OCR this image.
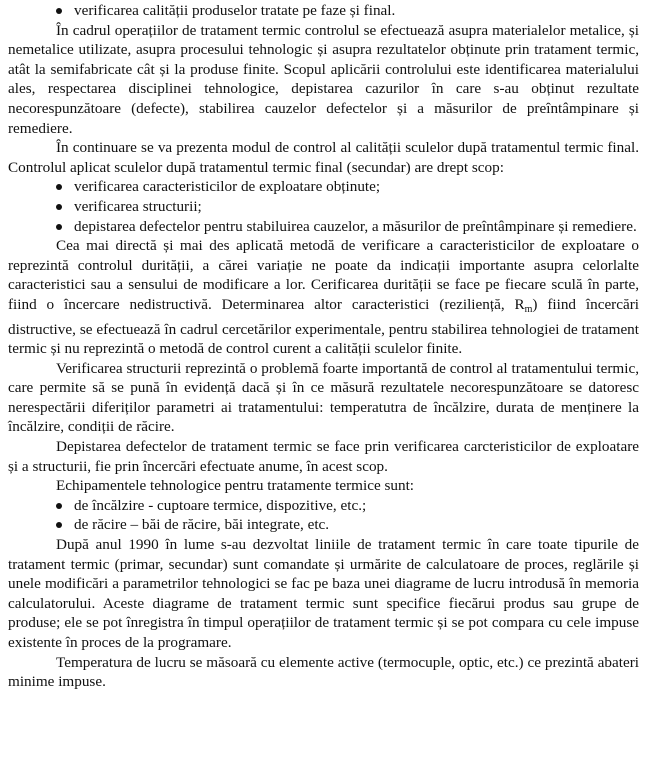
verificarea calității produselor tratate pe faze și final.

În cadrul operațiilor de tratament termic controlul se efectuează asupra materialelor metalice, și nemetalice utilizate, asupra procesului tehnologic și asupra rezultatelor obținute prin tratament termic, atât la semifabricate cât și la produse finite. Scopul aplicării controlului este identificarea materialului ales, respectarea disciplinei tehnologice, depistarea cazurilor în care s-au obținut rezultate necorespunzătoare (defecte), stabilirea cauzelor defectelor și a măsurilor de preîntâmpinare și remediere.

În continuare se va prezenta modul de control al calității sculelor după tratamentul termic final. Controlul aplicat sculelor după tratamentul termic final (secundar) are drept scop:

verificarea caracteristicilor de exploatare obținute;
verificarea structurii;
depistarea defectelor pentru stabiluirea cauzelor, a măsurilor de preîntâmpinare și remediere.

Cea mai directă și mai des aplicată metodă de verificare a caracteristicilor de exploatare o reprezintă controlul durității, a cărei variație ne poate da indicații importante asupra celorlalte caracteristici sau a sensului de modificare a lor. Cerificarea durității se face pe fiecare sculă în parte, fiind o încercare nedistructivă. Determinarea altor caracteristici (reziliență, $R_m$) fiind încercări distructive, se efectuează în cadrul cercetărilor experimentale, pentru stabilirea tehnologiei de tratament termic și nu reprezintă o metodă de control curent a calității sculelor finite.

Verificarea structurii reprezintă o problemă foarte importantă de control al tratamentului termic, care permite să se pună în evidență dacă și în ce măsură rezultatele necorespunzătoare se datoresc nerespectării diferiților parametri ai tratamentului: temperatutra de încălzire, durata de menținere la încălzire, condiții de răcire.

Depistarea defectelor de tratament termic se face prin verificarea carcteristicilor de exploatare și a structurii, fie prin încercări efectuate anume, în acest scop.

Echipamentele tehnologice pentru tratamente termice sunt:

de încălzire - cuptoare termice, dispozitive, etc.;
de răcire – băi de răcire, băi integrate, etc.

După anul 1990 în lume s-au dezvoltat liniile de tratament termic în care toate tipurile de tratament termic (primar, secundar) sunt comandate și urmărite de calculatoare de proces, reglările și unele modificări a parametrilor tehnologici se fac pe baza unei diagrame de lucru introdusă în memoria calculatorului. Aceste diagrame de tratament termic sunt specifice fiecărui produs sau grupe de produse; ele se pot înregistra în timpul operațiilor de tratament termic și se pot compara cu cele impuse existente în proces de la programare.

Temperatura de lucru se măsoară cu elemente active (termocuple, optic, etc.) ce prezintă abateri minime impuse.
